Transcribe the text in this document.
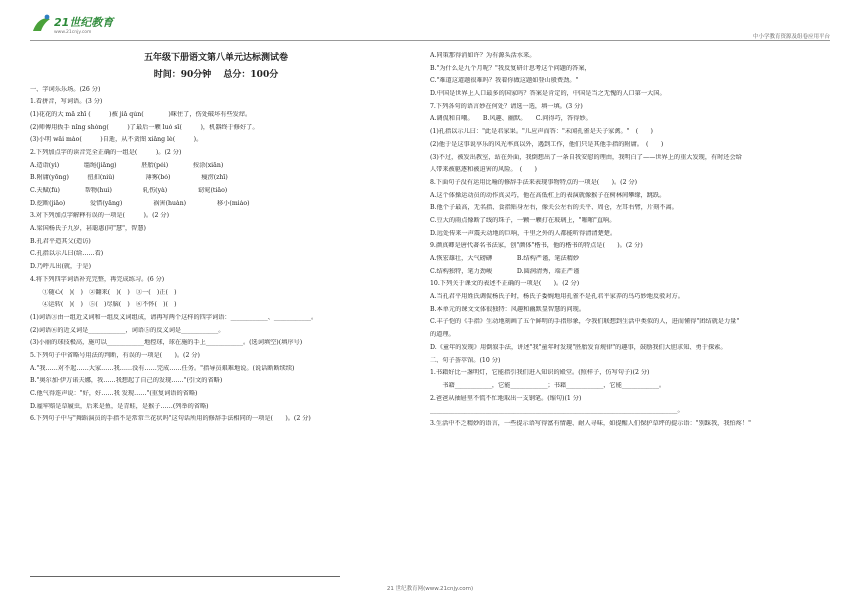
21世纪教育
www.21cnjy.com
中小学教育资源及组卷应用平台

五年级下册语文第八单元达标测试卷

时间：90分钟　 总分：100分

一、字词乐乐场。(26 分)

1.看拼音，写词语。(3 分)

(1)花花的大 mā zhī (　　　)被 jiǎ qún(　　　　)咪住了，伤处破坏有些发痒。

(2)师傅用扳手 nǐng shòng(　　　)了最后一颗 luó sī(　　　)，机器终于修好了。

(3)小明 wǎi mào(　　　)自逝，从不贪图 xiǎng lè(　　　)。

2.下列加点字的读音完全正确的一组是(　　　)。(2 分)

A.造诣(yì)　　　　缰绳(jiāng)　　　　胚胎(péi)　　　　按涂(xiān)

B.附庸(yōng)　　　扭扣(niǔ)　　　　　薄雾(bó)　　　　　瘦涝(zhī)

C.天赋(fù)　　　　帮物(huì)　　　　　轧伤(yà)　　　　　窈窕(tiāo)

D.挖断(jiāo)　　　　爱惜(yāng)　　　　　祸害(huàn)　　　　　移小(miáo)

3.对下列加点字解释有误的一项是(　　　)。(2 分)

A.梁国杨氏子九岁，甚聪惠(同"慧"，智慧)

B.孔君平造其父(造访)

C.孔指以示儿曰(给……看)

D.乃呼儿出(就，于是)

4.将下列四字词语补充完整，再完成练习。(6 分)

　　①随心(　)(　)　②翻来(　)(　)　③一(　)正(　)

　　④运转(　)(　)　⑤(　)尽脑(　)　⑥不怀(　)(　)

(1)词语③由一组近义词和一组反义词组成，请再写两个这样的四字词语：____________、____________。

(2)词语⑥的近义词是____________，词语⑤的反义词是____________。

(3)小丽的球技极高，施可以____________地控球，球在施的手上____________。(选词填空)(填序号)

5.下列句子中省略号用法的判断，有误的一项是(　　)。(2 分)

A."我……对不起……大家……我……没有……完成……任务。"指导员艰难地说。(说话断断续续)

B."奥尔加·伊万诺夫娜，我……我想起了自己的发现……"(引文的省略)

C.他气得连声说："好，好……我 发现……"(重复词语的省略)

D.雇牢赔是草履虫，后来是鱼，是青蛙，是猴子……(列举的省略)

6.下列句子中与"舞蹈演员的手指不是常常兰花状吗"这句话所用的修辞手法相同的一项是(　　)。(2 分)

A.同策那得消如许？为有源头活水来。

B."为什么是九个月呢？"我反复研计思考这个问题的答案，

C."难道这道题很难吗？我着你做这题如登山般费劲。"

D.中国是世界上人口最多的国家吗？答案是肯定的，中国是当之无愧的人口第一大国。

7.下列各句的语言妙在何处？请选一选，填一填。(3 分)

A.调侃和自嘲。　　B.风趣、幽默。　　C.问得巧，答得妙。

(1)孔指以示儿曰："此是君家果。"儿应声而答："未闻孔雀是夫子家禽。"　(　　)

(2)他于是这事说享乐的风光率真以外，遇到工作，他们只是其他手指的附庸。　(　　)

(3)不过，被发出教室，站在外面，我倒想出了一条自我安慰的理由，我明白了——世界上的重大发现，有时还会给

人带来被驱逐和被迫害的风险。　(　　)

8.下面句子没有运用比喻的修辞手法来表现事物特点的一项是(　　)。(2 分)

A.这个体操运动员的动作真灵巧，他在高低杠上的表演就像猴子在树林间攀缘，跳跃。

B.他个子最高，无名指、食指贴身左右，像关公左右的关平、周仓，左耳右臂，片刻不离。

C.豆大的雨点像断了线的珠子，一颗一颗打在玻璃上，"啪啪"直响。

D.远处传来一声震天动地的巨响，千里之外的人都能听得清清楚楚。

9.颜真卿是唐代著名书法家，创"颜体"楷书，他的楷书的特点是(　　)。(2 分)

A.恢宏雄壮，大气磅礴　　　　B.结构严谨，笔法精妙

C.结构独特，笔力劲峻　　　　D.圆润清秀，端正严谨

10.下列关于课文的表述不正确的一项是(　　)。(2 分)

A.当孔君平用姓氏调侃杨氏子时，杨氏子委婉地用孔雀不是孔君平家养的鸟巧妙地反驳对方。

B.本单元的课文文体很独特：风趣和幽默显智慧的问现。

C.丰子恺的《手指》生动地刻画了五个鲜明的手指形象，令我们联想到生活中类似的人，进而懂得"团结就是力量"

的道理。

D.《童年的发现》用倒叙手法，讲述"我"童年时发现"胚胎发育规律"的趣事，鼓励我们大胆求知、勇于探索。

二、句子荟萃馆。(10 分)

1.书籍好比一盏明灯，它能指引我们进入知识的殿堂。(照样子，仿写句子)(2 分)

　　书籍____________，它能____________；书籍____________，它能____________。

2.爸爸从抽屉里不慌不忙地取出一支钢笔。(缩句)(1 分)

________________________________________________________________________________。

3.生活中不乏精妙的语言，一些提示语写得富有情趣、耐人寻味，如提醒人们保护草坪的提示语："别踩我，我怕疼！"

21 世纪教育网(www.21cnjy.com)
